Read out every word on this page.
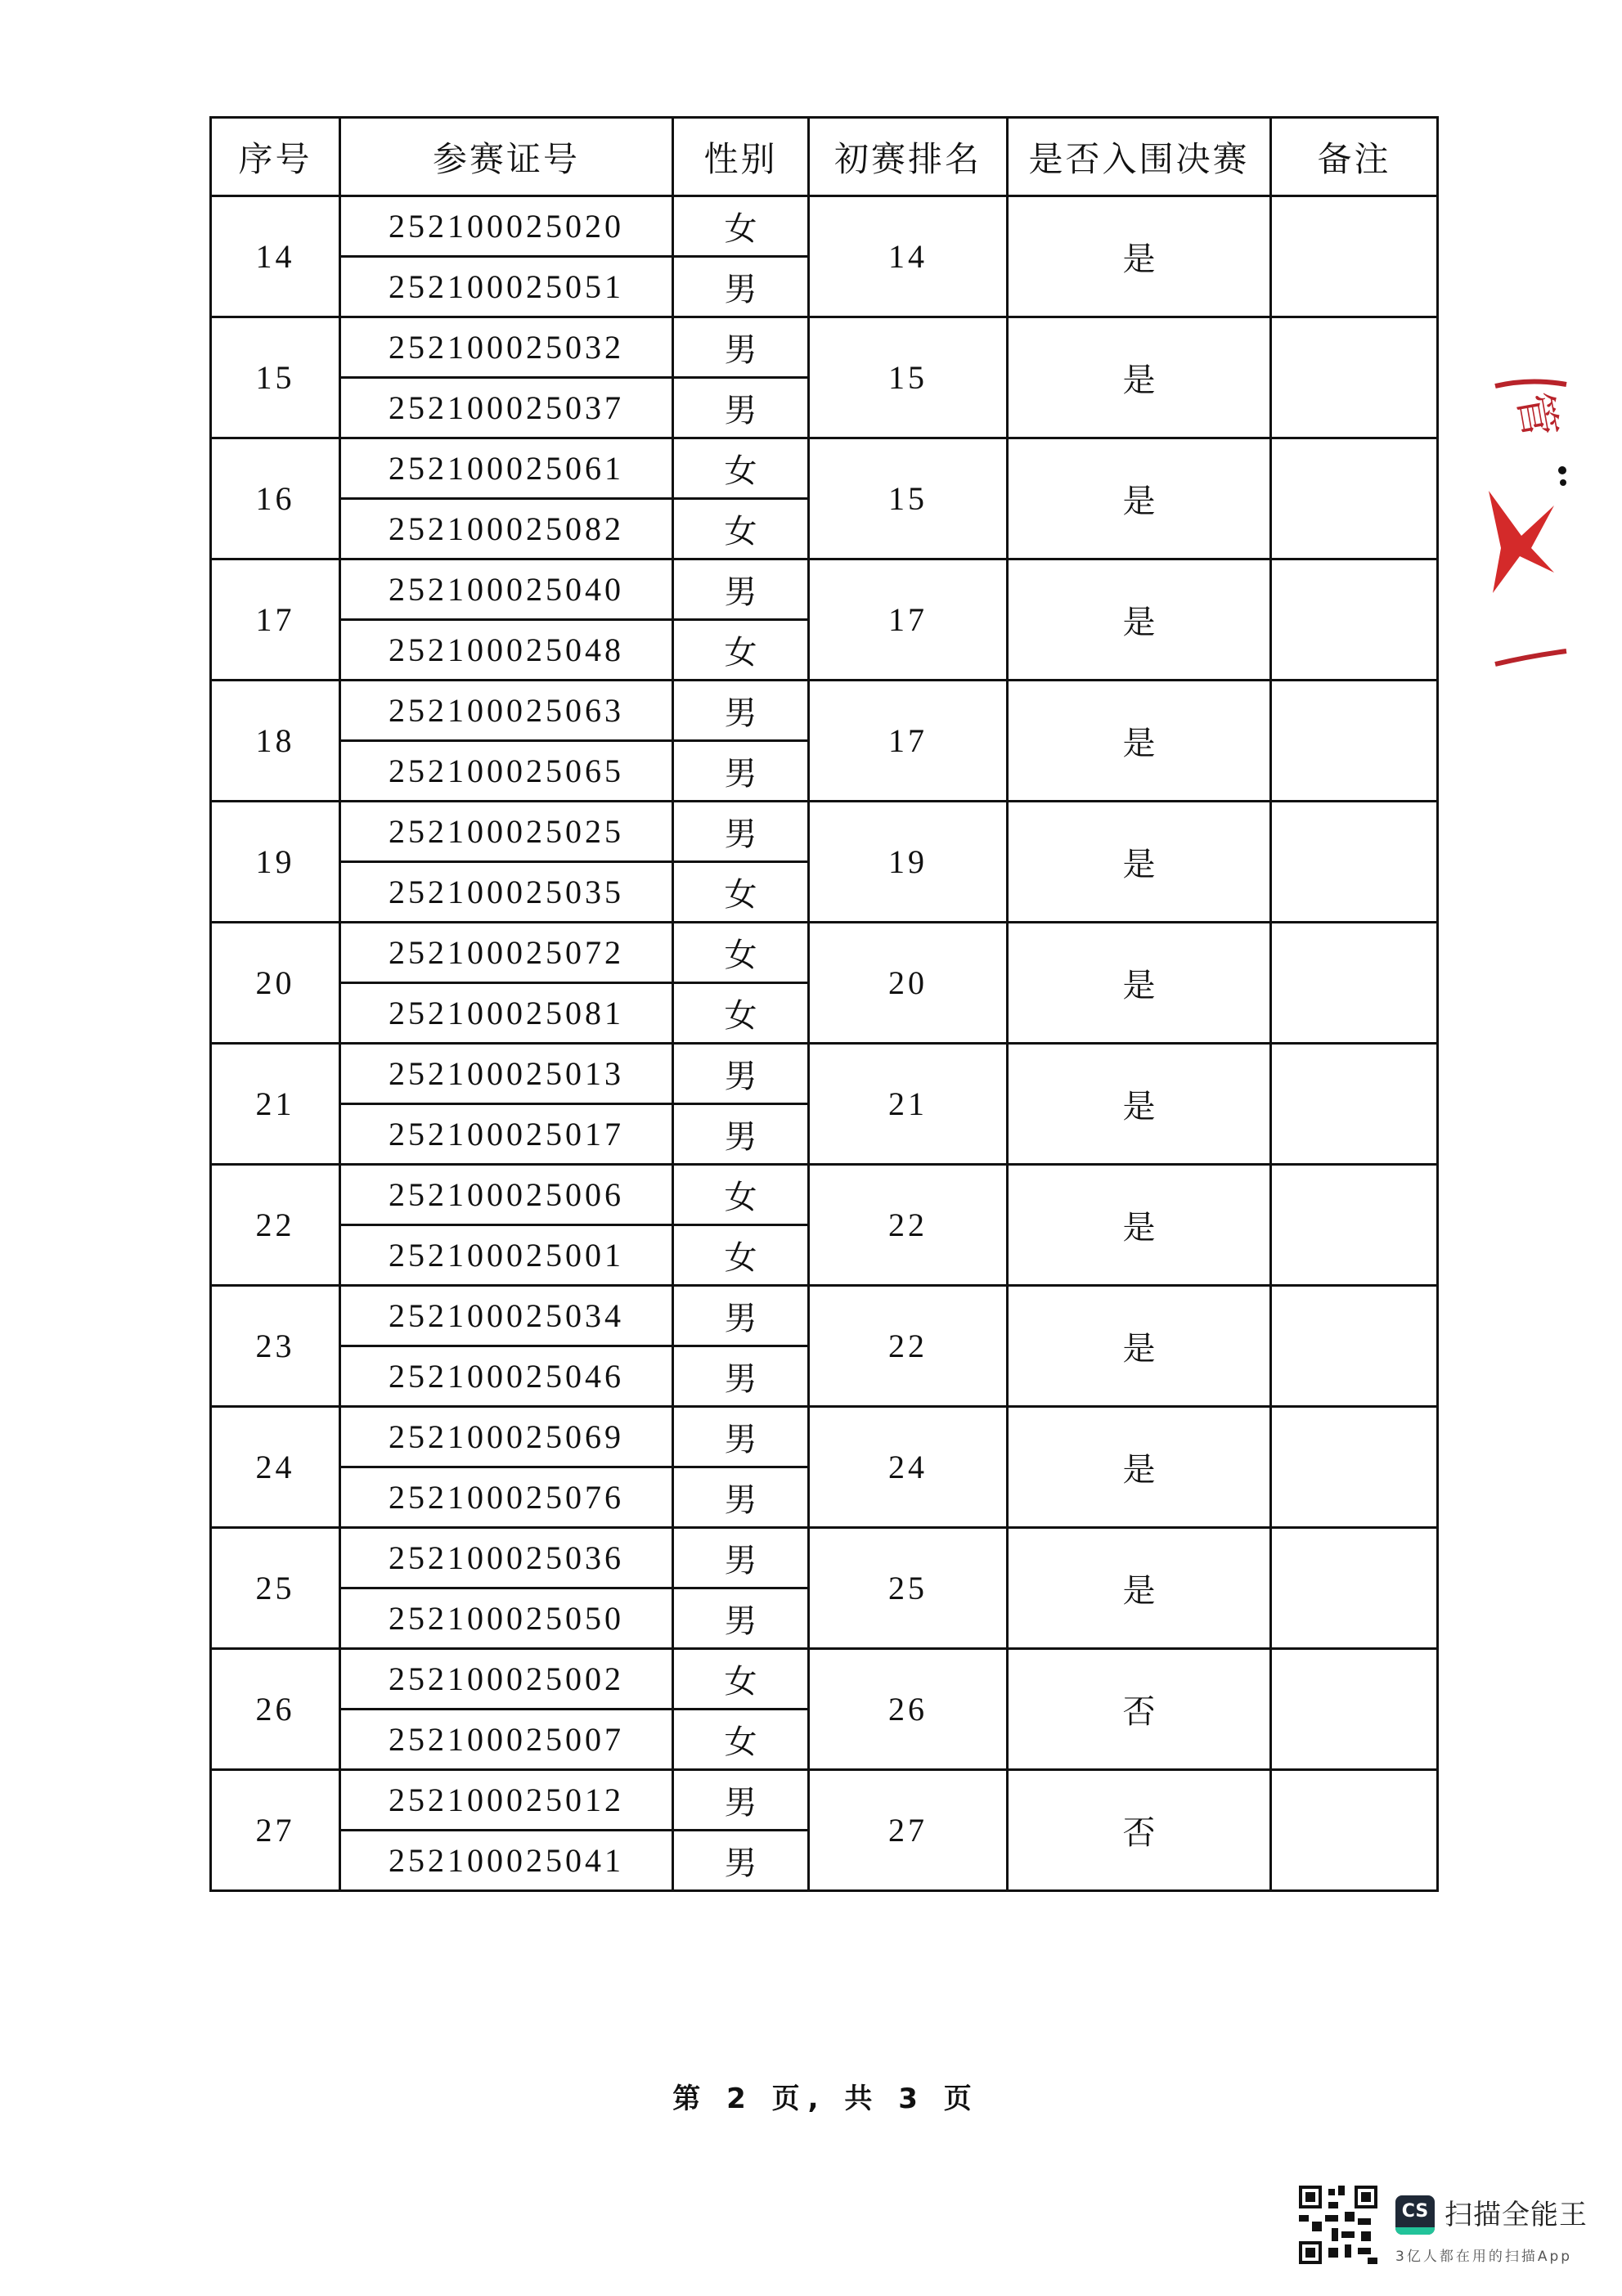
序号	参赛证号	性别	初赛排名	是否入围决赛	备注
14	252100025020	女	14	是	
	252100025051	男			
15	252100025032	男	15	是	
	252100025037	男			
16	252100025061	女	15	是	
	252100025082	女			
17	252100025040	男	17	是	
	252100025048	女			
18	252100025063	男	17	是	
	252100025065	男			
19	252100025025	男	19	是	
	252100025035	女			
20	252100025072	女	20	是	
	252100025081	女			
21	252100025013	男	21	是	
	252100025017	男			
22	252100025006	女	22	是	
	252100025001	女			
23	252100025034	男	22	是	
	252100025046	男			
24	252100025069	男	24	是	
	252100025076	男			
25	252100025036	男	25	是	
	252100025050	男			
26	252100025002	女	26	否	
	252100025007	女			
27	252100025012	男	27	否	
	252100025041	男			
管
第 2 页, 共 3 页
CS 扫描全能王
3亿人都在用的扫描App
